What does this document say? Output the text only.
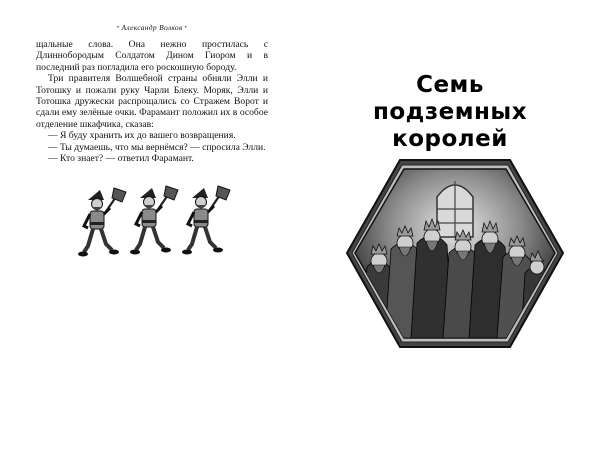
• Александр Волков •

щальные слова. Она нежно простилась с Длиннобородым Солдатом Дином Гиором и в последний раз погладила его роскошную бороду.

Три правителя Волшебной страны обняли Элли и Тотошку и пожали руку Чарли Блеку. Моряк, Элли и Тотошка дружески распрощались со Стражем Ворот и сдали ему зелёные очки. Фарамант положил их в особое отделение шкафчика, сказав:

— Я буду хранить их до вашего возвращения.

— Ты думаешь, что мы вернёмся? — спросила Элли.

— Кто знает? — ответил Фарамант.

Семь
подземных
королей
